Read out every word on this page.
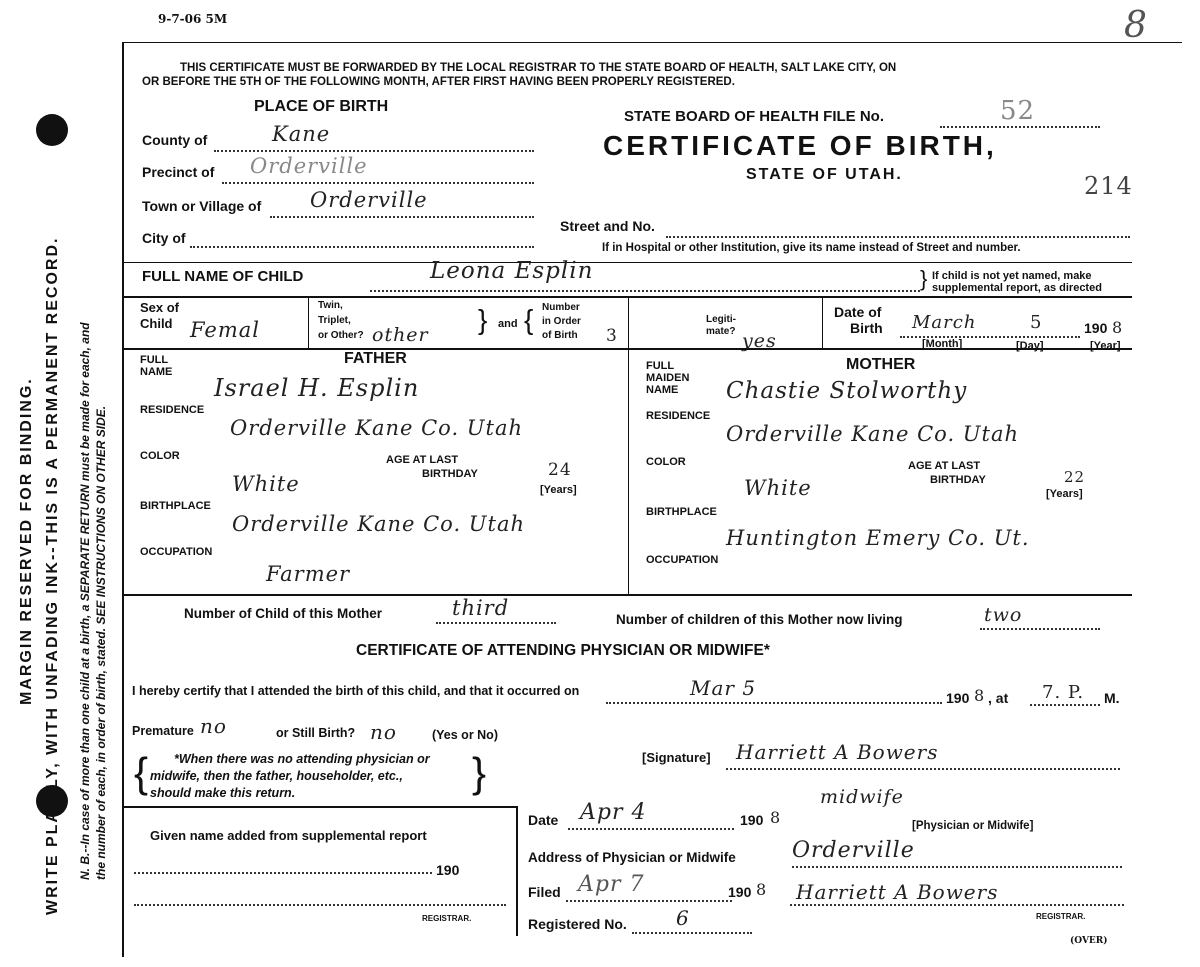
9-7-06 5M	8
MARGIN RESERVED FOR BINDING. WRITE PLAINLY, WITH UNFADING INK--THIS IS A PERMANENT RECORD. N. B.--In case of more than one child at a birth, a SEPARATE RETURN must be made for each, and the number of each, in order of birth, stated. SEE INSTRUCTIONS ON OTHER SIDE.
THIS CERTIFICATE MUST BE FORWARDED BY THE LOCAL REGISTRAR TO THE STATE BOARD OF HEALTH, SALT LAKE CITY, ON
OR BEFORE THE 5TH OF THE FOLLOWING MONTH, AFTER FIRST HAVING BEEN PROPERLY REGISTERED.
PLACE OF BIRTH
County of	Kane
Precinct of Orderville
Town or Village of Orderville
City of
STATE BOARD OF HEALTH FILE No.	52
CERTIFICATE OF BIRTH,
STATE OF UTAH.	214
Street and No.
If in Hospital or other Institution, give its name instead of Street and number.
FULL NAME OF CHILD	Leona Esplin	} If child is not yet named, make
supplemental report, as directed
Sex of
Child Femal
Twin,
Triplet,
or Other? other } and { Number
in Order
of Birth 3
Legiti-
mate? yes
Date of
Birth March	5	190 8
[Month]	[Day]	[Year]
FATHER	MOTHER
FULL
NAME
Israel H. Esplin
RESIDENCE
Orderville Kane Co. Utah
COLOR	AGE AT LAST
BIRTHDAY	24
[Years]
White
BIRTHPLACE
Orderville Kane Co. Utah
OCCUPATION
Farmer
FULL
MAIDEN
NAME Chastie Stolworthy
RESIDENCE
Orderville Kane Co. Utah
COLOR	AGE AT LAST
BIRTHDAY	22
[Years]
White
BIRTHPLACE
Huntington Emery Co. Ut.
OCCUPATION
Number of Child of this Mother	third	Number of children of this Mother now living	two
CERTIFICATE OF ATTENDING PHYSICIAN OR MIDWIFE*
I hereby certify that I attended the birth of this child, and that it occurred on	Mar 5	190 8 , at 7. P. M.
Premature no	or Still Birth? no	(Yes or No)
{ *When there was no attending physician or
midwife, then the father, householder, etc.,
should make this return.	}	[Signature] Harriett A Bowers
midwife
[Physician or Midwife]
Given name added from supplemental report
190
REGISTRAR.
Date Apr 4	190 8
Address of Physician or Midwife	Orderville
Filed Apr 7	190 8 Harriett A Bowers
REGISTRAR.
Registered No. 6
(OVER)
